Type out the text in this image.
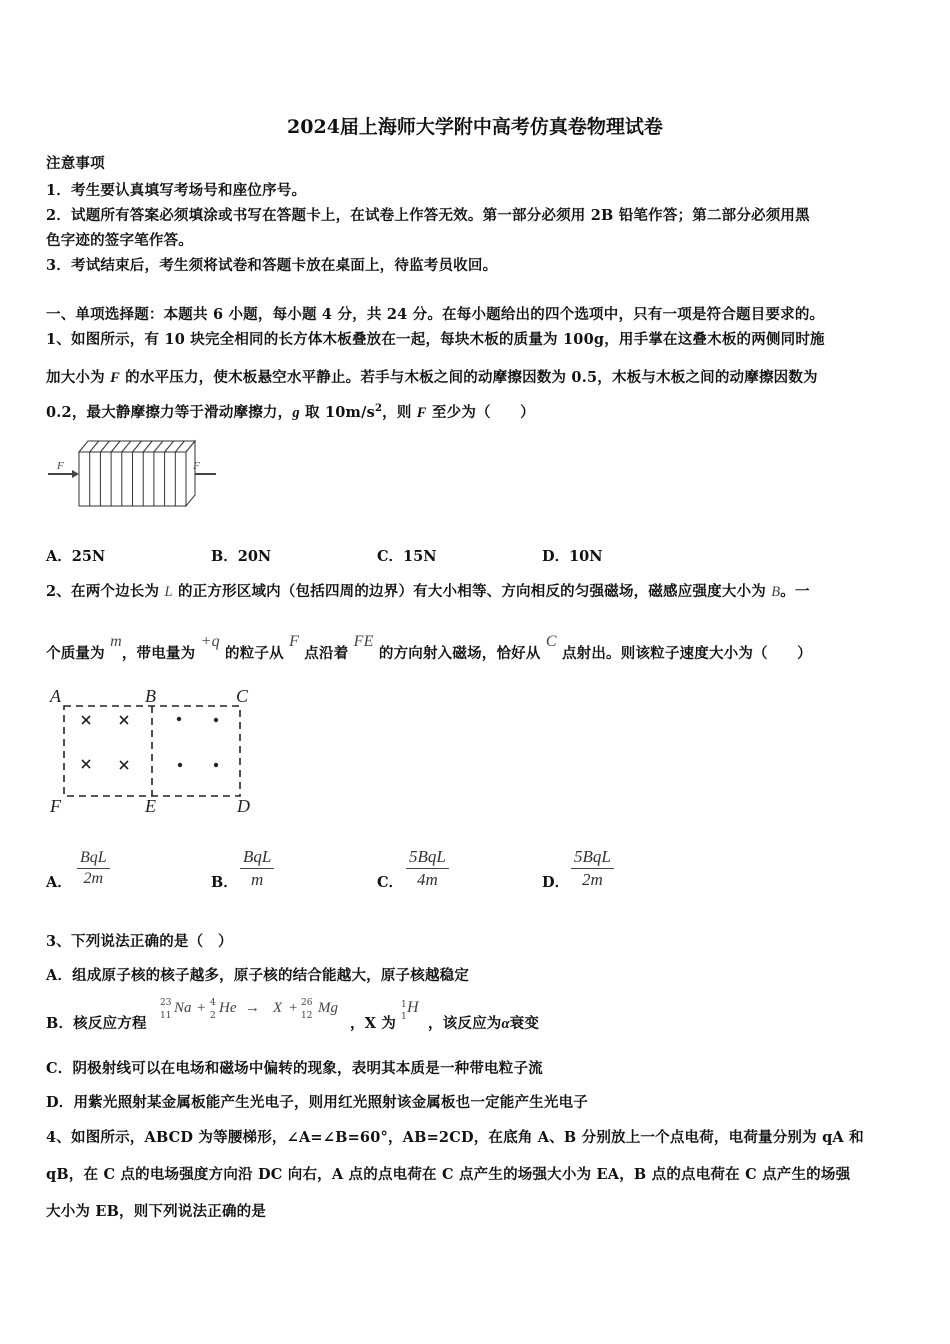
2024届上海师大学附中高考仿真卷物理试卷
注意事项
1．考生要认真填写考场号和座位序号。
2．试题所有答案必须填涂或书写在答题卡上，在试卷上作答无效。第一部分必须用 2B 铅笔作答；第二部分必须用黑
色字迹的签字笔作答。
3．考试结束后，考生须将试卷和答题卡放在桌面上，待监考员收回。
一、单项选择题：本题共 6 小题，每小题 4 分，共 24 分。在每小题给出的四个选项中，只有一项是符合题目要求的。
1、如图所示，有 10 块完全相同的长方体木板叠放在一起，每块木板的质量为 100g，用手掌在这叠木板的两侧同时施
加大小为 F 的水平压力，使木板悬空水平静止。若手与木板之间的动摩擦因数为 0.5，木板与木板之间的动摩擦因数为
0.2，最大静摩擦力等于滑动摩擦力，g 取 $10m/s^2$，则 F 至少为（　　）
F	F
A．25N	B．20N	C．15N	D．10N
2、在两个边长为 L 的正方形区域内（包括四周的边界）有大小相等、方向相反的匀强磁场，磁感应强度大小为 B。一
个质量为 m，带电量为 +q 的粒子从 F 点沿着 FE 的方向射入磁场，恰好从 C 点射出。则该粒子速度大小为（　　）
A	B	C
F	E	D
A．
BqL
2m	B．
BqL
m	C．
5BqL
4m	D．
5BqL
2m
3、下列说法正确的是（　）
A．组成原子核的核子越多，原子核的结合能越大，原子核越稳定
B．核反应方程
23
11 Na + 4
2 He → X + 26
12 Mg
，X 为
1
1
H
，该反应为α衰变
C．阴极射线可以在电场和磁场中偏转的现象，表明其本质是一种带电粒子流
D．用紫光照射某金属板能产生光电子，则用红光照射该金属板也一定能产生光电子
4、如图所示，ABCD 为等腰梯形，∠A=∠B=60°，AB=2CD，在底角 A、B 分别放上一个点电荷，电荷量分别为 qA 和
qB，在 C 点的电场强度方向沿 DC 向右，A 点的点电荷在 C 点产生的场强大小为 EA，B 点的点电荷在 C 点产生的场强
大小为 EB，则下列说法正确的是
